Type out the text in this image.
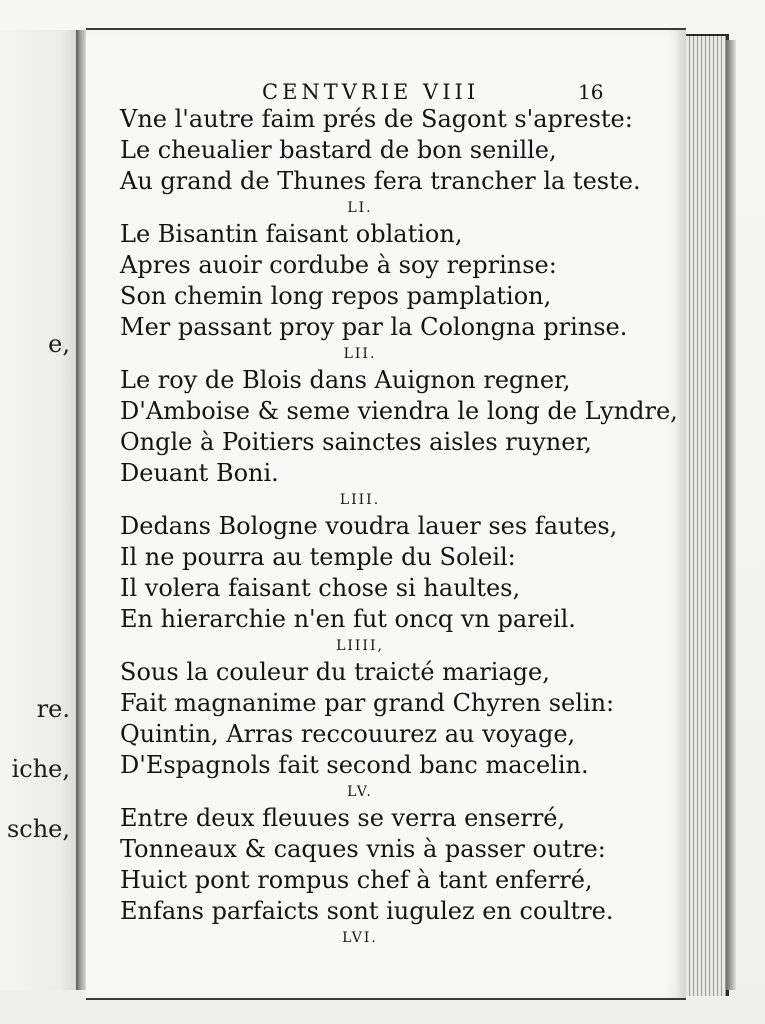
e,
re.
iche,
sche,
CENTVRIE VIII	16
Vne l'autre faim prés de Sagont s'apreste:
Le cheualier bastard de bon senille,
Au grand de Thunes fera trancher la teste.
LI.
Le Bisantin faisant oblation,
Apres auoir cordube à soy reprinse:
Son chemin long repos pamplation,
Mer passant proy par la Colongna prinse.
LII.
Le roy de Blois dans Auignon regner,
D'Amboise & seme viendra le long de Lyndre,
Ongle à Poitiers sainctes aisles ruyner,
Deuant Boni.
LIII.
Dedans Bologne voudra lauer ses fautes,
Il ne pourra au temple du Soleil:
Il volera faisant chose si haultes,
En hierarchie n'en fut oncq vn pareil.
LIIII,
Sous la couleur du traicté mariage,
Fait magnanime par grand Chyren selin:
Quintin, Arras reccouurez au voyage,
D'Espagnols fait second banc macelin.
LV.
Entre deux fleuues se verra enserré,
Tonneaux & caques vnis à passer outre:
Huict pont rompus chef à tant enferré,
Enfans parfaicts sont iugulez en coultre.
LVI.
